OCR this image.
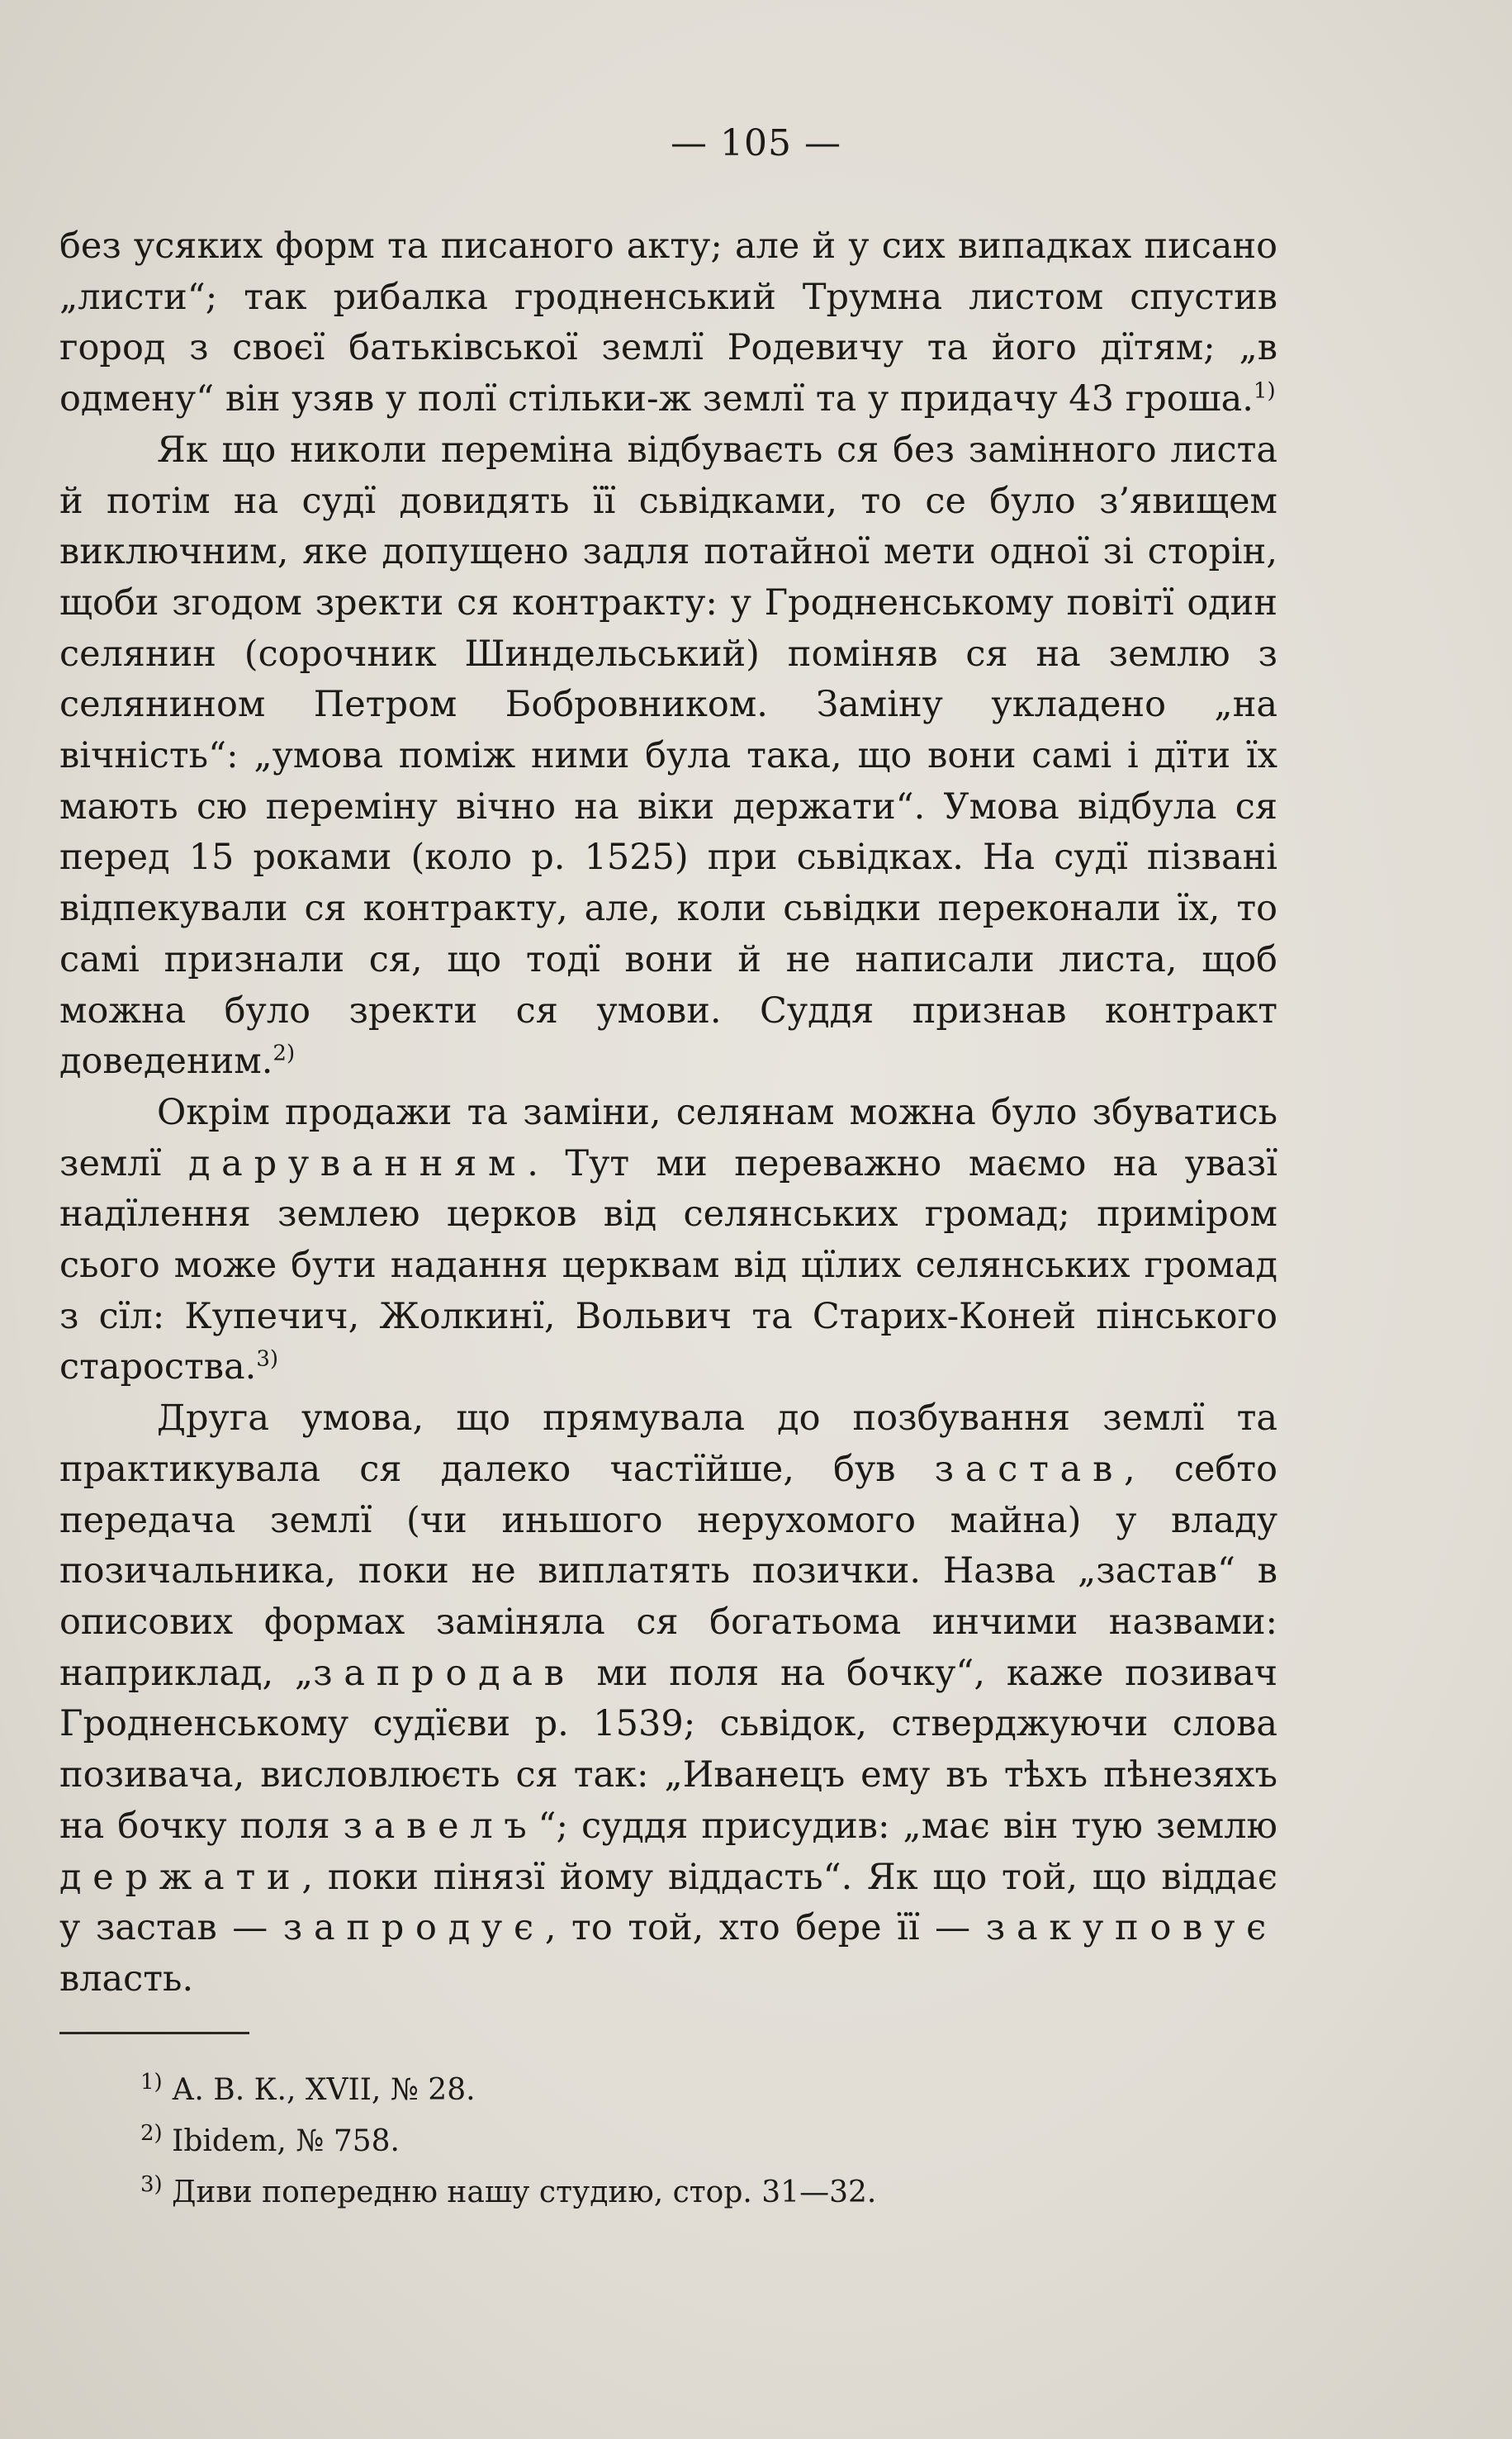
— 105 —

без усяких форм та писаного акту; але й у сих випадках писано „листи“; так рибалка гродненський Трумна листом спустив город з своєї батьківської землї Родевичу та його дїтям; „в одмену“ він узяв у полї стільки-ж землї та у придачу 43 гроша.$^{1)}$

Як що николи переміна відбуваєть ся без замінного листа й потім на судї довидять її сьвідками, то се було з’явищем виключним, яке допущено задля потайної мети одної зі сторін, щоби згодом зректи ся контракту: у Гродненському повітї один селянин (сорочник Шиндельський) поміняв ся на землю з селянином Петром Бобровником. Заміну укладено „на вічність“: „умова поміж ними була така, що вони самі і дїти їх мають сю переміну вічно на віки держати“. Умова відбула ся перед 15 роками (коло р. 1525) при сьвідках. На судї пізвані відпекували ся контракту, але, коли сьвідки переконали їх, то самі признали ся, що тодї вони й не написали листа, щоб можна було зректи ся умови. Суддя признав контракт доведеним.$^{2)}$

Окрім продажи та заміни, селянам можна було збуватись землї даруванням. Тут ми переважно маємо на увазї надїлення землею церков від селянських громад; приміром сього може бути надання церквам від цїлих селянських громад з сїл: Купечич, Жолкинї, Вольвич та Старих-Коней пінського староства.$^{3)}$

Друга умова, що прямувала до позбування землї та практикувала ся далеко частїйше, був застав, себто передача землї (чи иньшого нерухомого майна) у владу позичальника, поки не виплатять позички. Назва „застав“ в описових формах заміняла ся богатьома инчими назвами: наприклад, „запродав ми поля на бочку“, каже позивач Гродненському судїєви р. 1539; сьвідок, стверджуючи слова позивача, висловлюєть ся так: „Иванецъ ему въ тѣхъ пѣнезяхъ на бочку поля завелъ“; суддя присудив: „має він тую землю держати, поки пінязї йому віддасть“. Як що той, що віддає у застав — запродує, то той, хто бере її — закуповує власть.

$^{1)}$ А. В. К., XVII, № 28.

$^{2)}$ Ibidem, № 758.

$^{3)}$ Диви попередню нашу студию, стор. 31—32.
